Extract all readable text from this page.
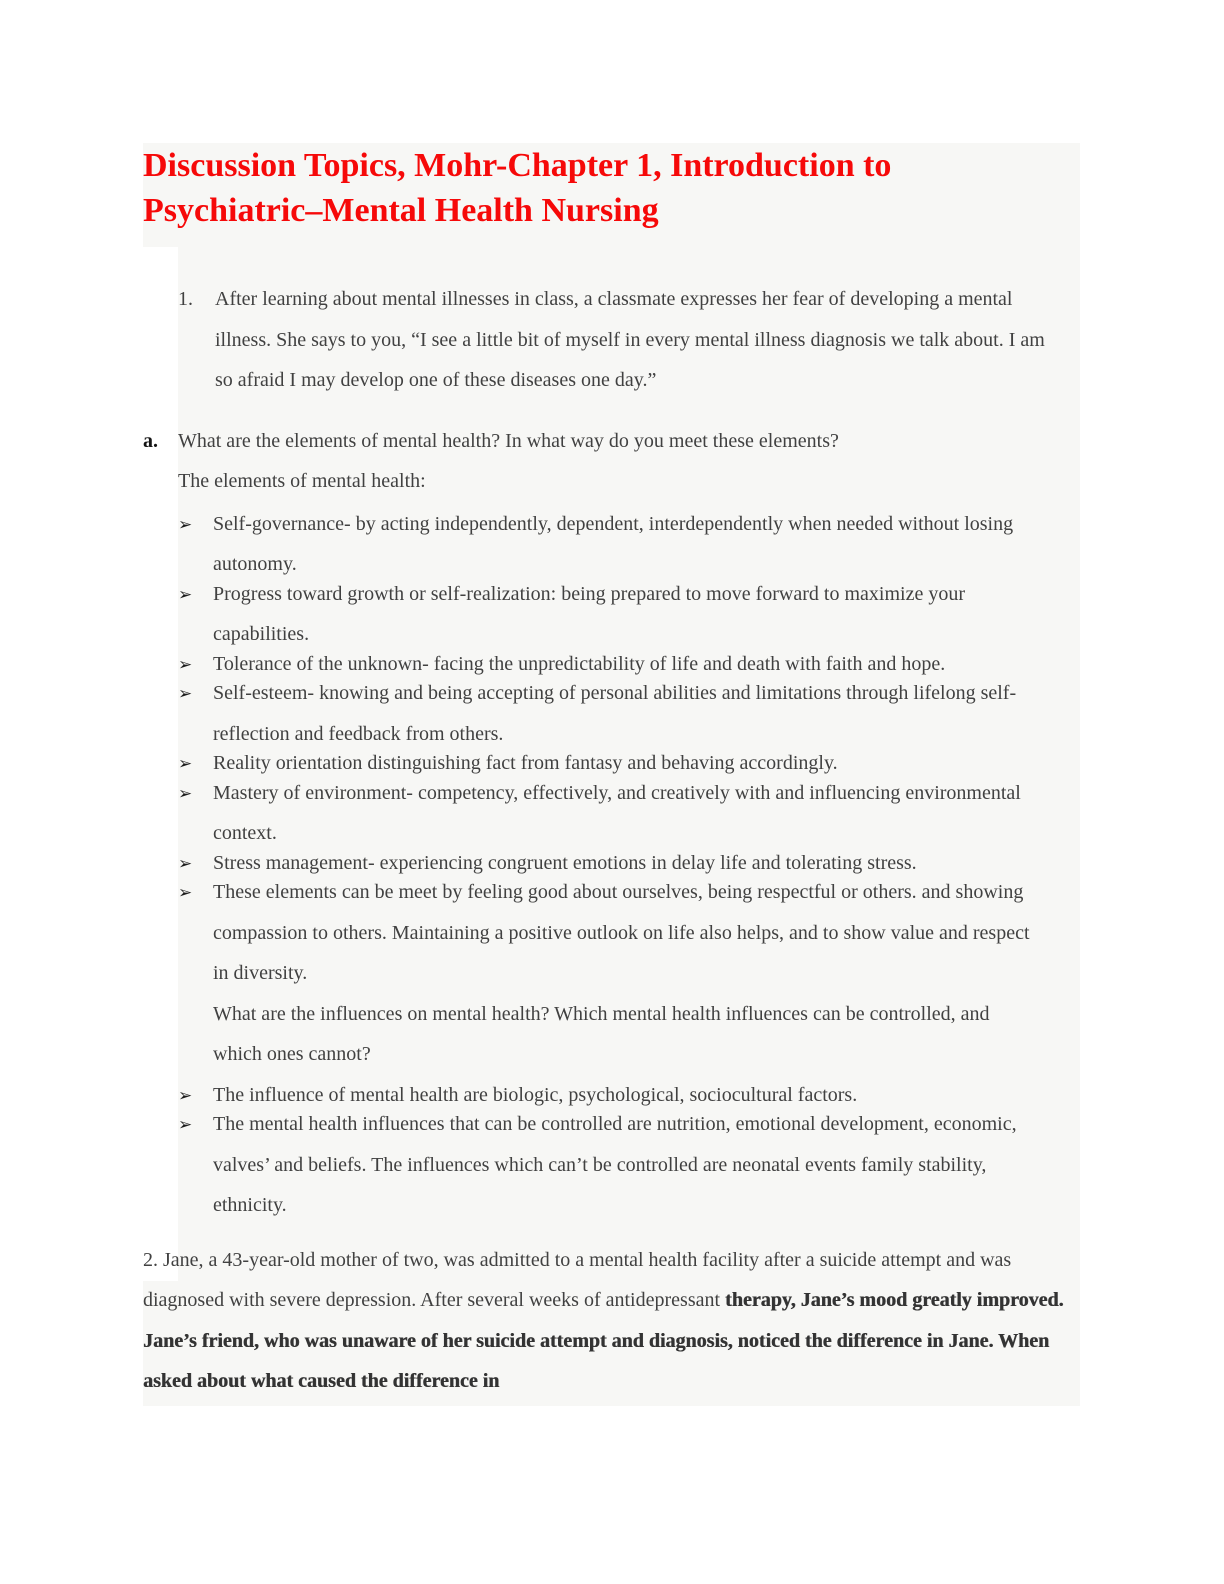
Discussion Topics, Mohr-Chapter 1, Introduction to Psychiatric–Mental Health Nursing
1. After learning about mental illnesses in class, a classmate expresses her fear of developing a mental illness. She says to you, “I see a little bit of myself in every mental illness diagnosis we talk about. I am so afraid I may develop one of these diseases one day.”
a. What are the elements of mental health? In what way do you meet these elements?
The elements of mental health:
➢ Self-governance- by acting independently, dependent, interdependently when needed without losing autonomy.
➢ Progress toward growth or self-realization: being prepared to move forward to maximize your capabilities.
➢ Tolerance of the unknown- facing the unpredictability of life and death with faith and hope.
➢ Self-esteem- knowing and being accepting of personal abilities and limitations through lifelong self-reflection and feedback from others.
➢ Reality orientation distinguishing fact from fantasy and behaving accordingly.
➢ Mastery of environment- competency, effectively, and creatively with and influencing environmental context.
➢ Stress management- experiencing congruent emotions in delay life and tolerating stress.
➢ These elements can be meet by feeling good about ourselves, being respectful or others. and showing compassion to others. Maintaining a positive outlook on life also helps, and to show value and respect in diversity.
What are the influences on mental health? Which mental health influences can be controlled, and which ones cannot?
➢ The influence of mental health are biologic, psychological, sociocultural factors.
➢ The mental health influences that can be controlled are nutrition, emotional development, economic, valves’ and beliefs. The influences which can’t be controlled are neonatal events family stability, ethnicity.
2. Jane, a 43-year-old mother of two, was admitted to a mental health facility after a suicide attempt and was diagnosed with severe depression. After several weeks of antidepressant therapy, Jane’s mood greatly improved. Jane’s friend, who was unaware of her suicide attempt and diagnosis, noticed the difference in Jane. When asked about what caused the difference in
